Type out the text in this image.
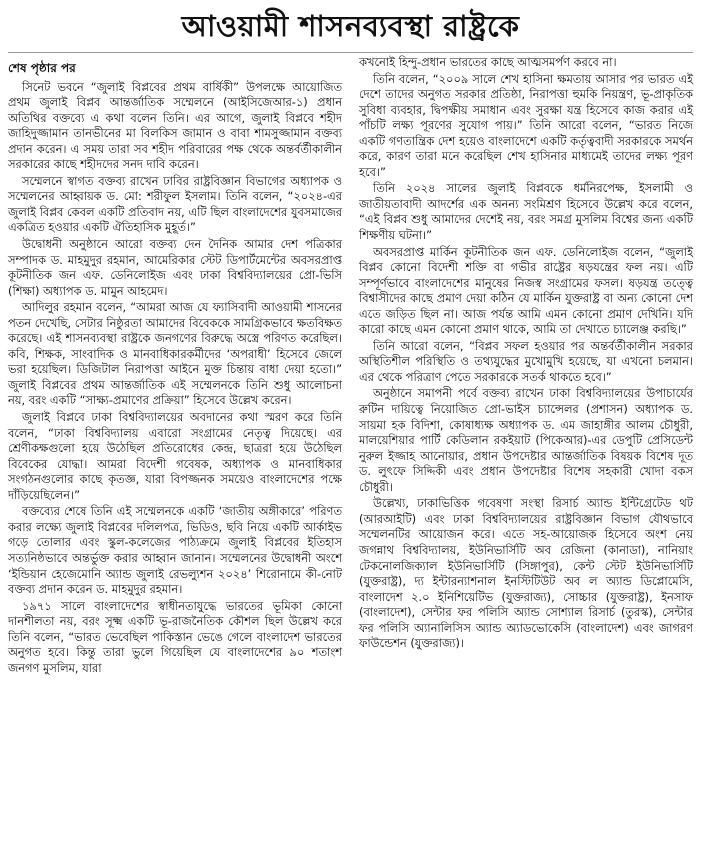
আওয়ামী শাসনব্যবস্থা রাষ্ট্রকে
শেষ পৃষ্ঠার পর

সিনেট ভবনে “জুলাই বিপ্লবের প্রথম বার্ষিকী” উপলক্ষে আয়োজিত প্রথম জুলাই বিপ্লব আন্তর্জাতিক সম্মেলনে (আইসিজেআর-১) প্রধান অতিথির বক্তব্যে এ কথা বলেন তিনি। এর আগে, জুলাই বিপ্লবে শহীদ জাহিদুজ্জামান তানভীনের মা বিলকিস জামান ও বাবা শামসুজ্জামান বক্তব্য প্রদান করেন। এ সময় তারা সব শহীদ পরিবারের পক্ষ থেকে অন্তর্বর্তীকালীন সরকারের কাছে শহীদদের সনদ দাবি করেন।

সম্মেলনে স্বাগত বক্তব্য রাখেন ঢাবির রাষ্ট্রবিজ্ঞান বিভাগের অধ্যাপক ও সম্মেলনের আহ্বায়ক ড. মো: শরীফুল ইসলাম। তিনি বলেন, “২০২৪-এর জুলাই বিপ্লব কেবল একটি প্রতিবাদ নয়, এটি ছিল বাংলাদেশের যুবসমাজের একত্রিত হওয়ার একটি ঐতিহাসিক মুহূর্ত।”

উদ্বোধনী অনুষ্ঠানে আরো বক্তব্য দেন দৈনিক আমার দেশ পত্রিকার সম্পাদক ড. মাহমুদুর রহমান, আমেরিকার স্টেট ডিপার্টমেন্টের অবসরপ্রাপ্ত কূটনীতিক জন এফ. ডেনিলোইজ এবং ঢাকা বিশ্ববিদ্যালয়ের প্রো-ভিসি (শিক্ষা) অধ্যাপক ড. মামুন আহমেদ।

আদিলুর রহমান বলেন, “আমরা আজ যে ফ্যাসিবাদী আওয়ামী শাসনের পতন দেখেছি, সেটার নিষ্ঠুরতা আমাদের বিবেককে সামগ্রিকভাবে ক্ষতবিক্ষত করেছে। এই শাসনব্যবস্থা রাষ্ট্রকে জনগণের বিরুদ্ধে অস্ত্রে পরিণত করেছিল। কবি, শিক্ষক, সাংবাদিক ও মানবাধিকারকর্মীদের ‘অপরাধী’ হিসেবে জেলে ভরা হয়েছিল। ডিজিটাল নিরাপত্তা আইনে মুক্ত চিন্তায় বাধা দেয়া হতো।” জুলাই বিপ্লবের প্রথম আন্তর্জাতিক এই সম্মেলনকে তিনি শুধু আলোচনা নয়, বরং একটি “সাক্ষ্য-প্রমাণের প্রক্রিয়া” হিসেবে উল্লেখ করেন।

জুলাই বিপ্লবে ঢাকা বিশ্ববিদ্যালয়ের অবদানের কথা স্মরণ করে তিনি বলেন, “ঢাকা বিশ্ববিদ্যালয় এবারো সংগ্রামের নেতৃত্ব দিয়েছে। এর শ্রেণীকক্ষগুলো হয়ে উঠেছিল প্রতিরোধের কেন্দ্র, ছাত্ররা হয়ে উঠেছিল বিবেকের যোদ্ধা। আমরা বিদেশী গবেষক, অধ্যাপক ও মানবাধিকার সংগঠনগুলোর কাছে কৃতজ্ঞ, যারা বিপজ্জনক সময়েও বাংলাদেশের পক্ষে দাঁড়িয়েছিলেন।”

বক্তব্যের শেষে তিনি এই সম্মেলনকে একটি ‘জাতীয় অঙ্গীকারে’ পরিণত করার লক্ষ্যে জুলাই বিপ্লবের দলিলপত্র, ভিডিও, ছবি নিয়ে একটি আর্কাইভ গড়ে তোলার এবং স্কুল-কলেজের পাঠ্যক্রমে জুলাই বিপ্লবের ইতিহাস সত্যনিষ্ঠভাবে অন্তর্ভুক্ত করার আহ্বান জানান। সম্মেলনের উদ্বোধনী অংশে ‘ইন্ডিয়ান হেজেমোনি অ্যান্ড জুলাই রেভল্যুশন ২০২৪’ শিরোনামে কী-নোট বক্তব্য প্রদান করেন ড. মাহমুদুর রহমান।

১৯৭১ সালে বাংলাদেশের স্বাধীনতাযুদ্ধে ভারতের ভূমিকা কোনো দানশীলতা নয়, বরং সূক্ষ্ম একটি ভূ-রাজনৈতিক কৌশল ছিল উল্লেখ করে তিনি বলেন, “ভারত ভেবেছিল পাকিস্তান ভেঙে গেলে বাংলাদেশ ভারতের অনুগত হবে। কিন্তু তারা ভুলে গিয়েছিল যে বাংলাদেশের ৯০ শতাংশ জনগণ মুসলিম, যারা

কখনোই হিন্দু-প্রধান ভারতের কাছে আত্মসমর্পণ করবে না।

তিনি বলেন, “২০০৯ সালে শেখ হাসিনা ক্ষমতায় আসার পর ভারত এই দেশে তাদের অনুগত সরকার প্রতিষ্ঠা, নিরাপত্তা হুমকি নিয়ন্ত্রণ, ভূ-প্রাকৃতিক সুবিধা ব্যবহার, দ্বিপক্ষীয় সমাধান এবং সুরক্ষা যন্ত্র হিসেবে কাজ করার এই পাঁচটি লক্ষ্য পূরণের সুযোগ পায়।” তিনি আরো বলেন, “ভারত নিজে একটি গণতান্ত্রিক দেশ হয়েও বাংলাদেশে একটি কর্তৃত্ববাদী সরকারকে সমর্থন করে, কারণ তারা মনে করেছিল শেখ হাসিনার মাধ্যমেই তাদের লক্ষ্য পূরণ হবে।”

তিনি ২০২৪ সালের জুলাই বিপ্লবকে ধর্মনিরপেক্ষ, ইসলামী ও জাতীয়তাবাদী আদর্শের এক অনন্য সংমিশ্রণ হিসেবে উল্লেখ করে বলেন, “এই বিপ্লব শুধু আমাদের দেশেই নয়, বরং সমগ্র মুসলিম বিশ্বের জন্য একটি শিক্ষণীয় ঘটনা।”

অবসরপ্রাপ্ত মার্কিন কূটনীতিক জন এফ. ডেনিলোইজ বলেন, “জুলাই বিপ্লব কোনো বিদেশী শক্তি বা গভীর রাষ্ট্রের ষড়যন্ত্রের ফল নয়। এটি সম্পূর্ণভাবে বাংলাদেশের মানুষের নিজস্ব সংগ্রামের ফসল। ষড়যন্ত্র তত্ত্বে বিশ্বাসীদের কাছে প্রমাণ দেয়া কঠিন যে মার্কিন যুক্তরাষ্ট্র বা অন্য কোনো দেশ এতে জড়িত ছিল না। আজ পর্যন্ত আমি এমন কোনো প্রমাণ দেখিনি। যদি কারো কাছে এমন কোনো প্রমাণ থাকে, আমি তা দেখাতে চ্যালেঞ্জ করছি।”

তিনি আরো বলেন, “বিপ্লব সফল হওয়ার পর অন্তর্বর্তীকালীন সরকার অস্থিতিশীল পরিস্থিতি ও তথ্যযুদ্ধের মুখোমুখি হয়েছে, যা এখনো চলমান। এর থেকে পরিত্রাণ পেতে সরকারকে সতর্ক থাকতে হবে।”

অনুষ্ঠানে সমাপনী পর্বে বক্তব্য রাখেন ঢাকা বিশ্ববিদ্যালয়ের উপাচার্যের রুটিন দায়িত্বে নিয়োজিত প্রো-ভাইস চ্যান্সেলর (প্রশাসন) অধ্যাপক ড. সায়মা হক বিদিশা, কোষাধ্যক্ষ অধ্যাপক ড. এম জাহাঙ্গীর আলম চৌধুরী, মালয়েশিয়ার পার্টি কেডিলান রকইয়াট (পিকেআর)-এর ডেপুটি প্রেসিডেন্ট নুরুল ইজ্জাহ আনোয়ার, প্রধান উপদেষ্টার আন্তর্জাতিক বিষয়ক বিশেষ দূত ড. লুৎফে সিদ্দিকী এবং প্রধান উপদেষ্টার বিশেষ সহকারী খোদা বকস চৌধুরী।

উল্লেখ্য, ঢাকাভিত্তিক গবেষণা সংস্থা রিসার্চ অ্যান্ড ইন্টিগ্রেটেড থট (আরআইটি) এবং ঢাকা বিশ্ববিদ্যালয়ের রাষ্ট্রবিজ্ঞান বিভাগ যৌথভাবে সম্মেলনটির আয়োজন করে। এতে সহ-আয়োজক হিসেবে অংশ নেয় জগন্নাথ বিশ্ববিদ্যালয়, ইউনিভার্সিটি অব রেজিনা (কানাডা), নানিয়াং টেকনোলজিক্যাল ইউনিভার্সিটি (সিঙ্গাপুর), কেন্ট স্টেট ইউনিভার্সিটি (যুক্তরাষ্ট্র), দ্য ইন্টারন্যাশনাল ইনস্টিটিউট অব ল অ্যান্ড ডিপ্লোমেসি, বাংলাদেশ ২.০ ইনিশিয়েটিভ (যুক্তরাজ্য), সোচ্চার (যুক্তরাষ্ট্র), ইনসাফ (বাংলাদেশ), সেন্টার ফর পলিসি অ্যান্ড সোশ্যাল রিসার্চ (তুরস্ক), সেন্টার ফর পলিসি অ্যানালিসিস অ্যান্ড অ্যাডভোকেসি (বাংলাদেশ) এবং জাগরণ ফাউন্ডেশন (যুক্তরাজ্য)।
